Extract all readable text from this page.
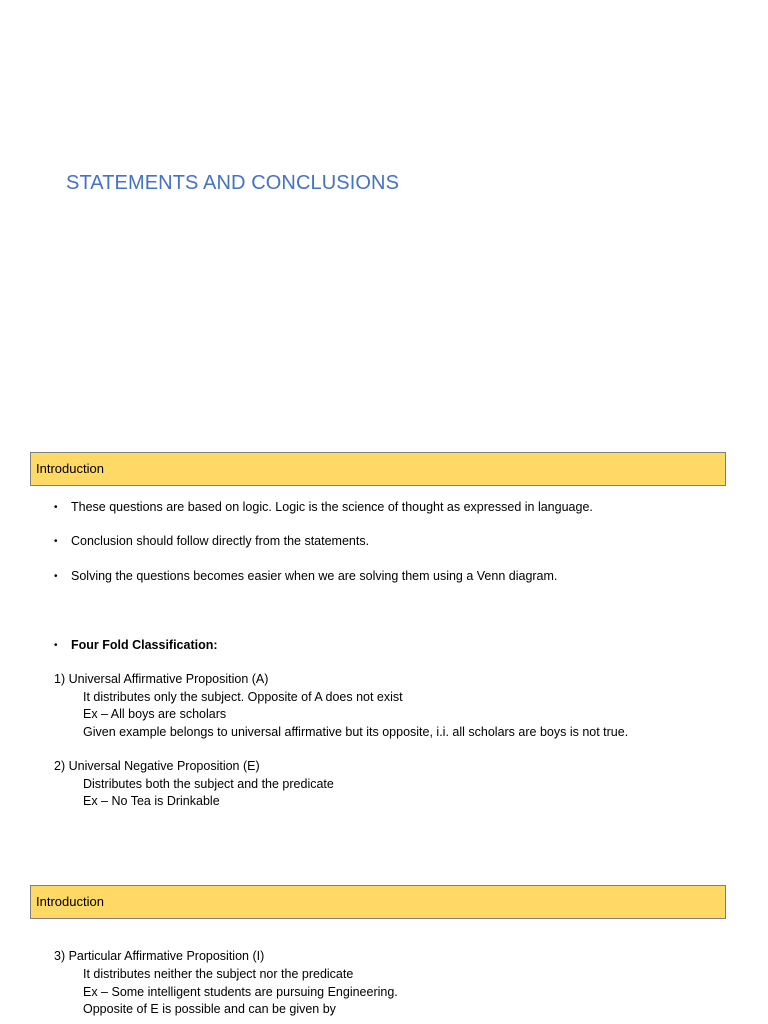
STATEMENTS AND CONCLUSIONS
Introduction
• These questions are based on logic. Logic is the science of thought as expressed in language.
• Conclusion should follow directly from the statements.
• Solving the questions becomes easier when we are solving them using a Venn diagram.
• Four Fold Classification:
1) Universal Affirmative Proposition (A)
It distributes only the subject. Opposite of A does not exist
Ex – All boys are scholars
Given example belongs to universal affirmative but its opposite, i.i. all scholars are boys is not true.
2) Universal Negative Proposition (E)
Distributes both the subject and the predicate
Ex – No Tea is Drinkable
Introduction
3) Particular Affirmative Proposition (I)
It distributes neither the subject nor the predicate
Ex – Some intelligent students are pursuing Engineering.
Opposite of E is possible and can be given by
